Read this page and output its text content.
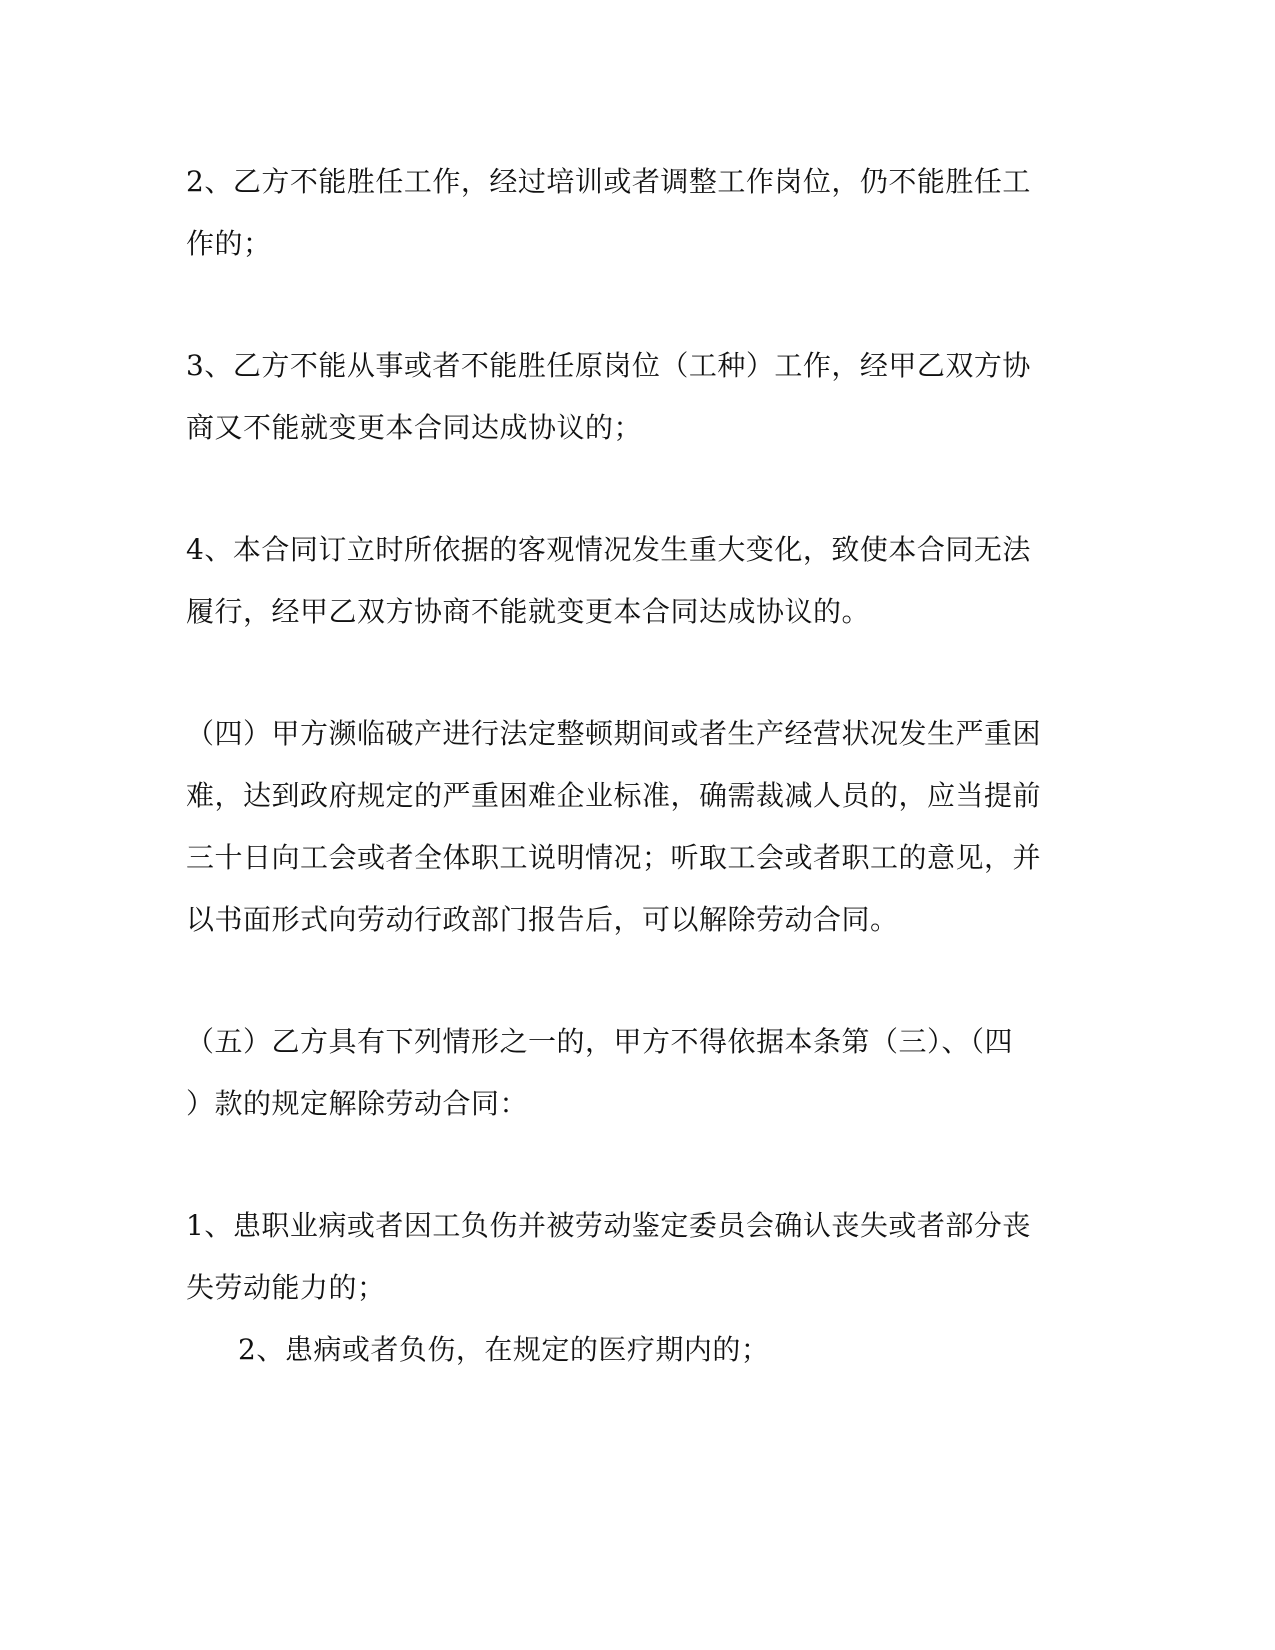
2、乙方不能胜任工作，经过培训或者调整工作岗位，仍不能胜任工
作的；
3、乙方不能从事或者不能胜任原岗位（工种）工作，经甲乙双方协
商又不能就变更本合同达成协议的；
4、本合同订立时所依据的客观情况发生重大变化，致使本合同无法
履行，经甲乙双方协商不能就变更本合同达成协议的。
（四）甲方濒临破产进行法定整顿期间或者生产经营状况发生严重困
难，达到政府规定的严重困难企业标准，确需裁减人员的，应当提前
三十日向工会或者全体职工说明情况；听取工会或者职工的意见，并
以书面形式向劳动行政部门报告后，可以解除劳动合同。
（五）乙方具有下列情形之一的，甲方不得依据本条第（三）、（四
）款的规定解除劳动合同：
1、患职业病或者因工负伤并被劳动鉴定委员会确认丧失或者部分丧
失劳动能力的；
2、患病或者负伤，在规定的医疗期内的；
